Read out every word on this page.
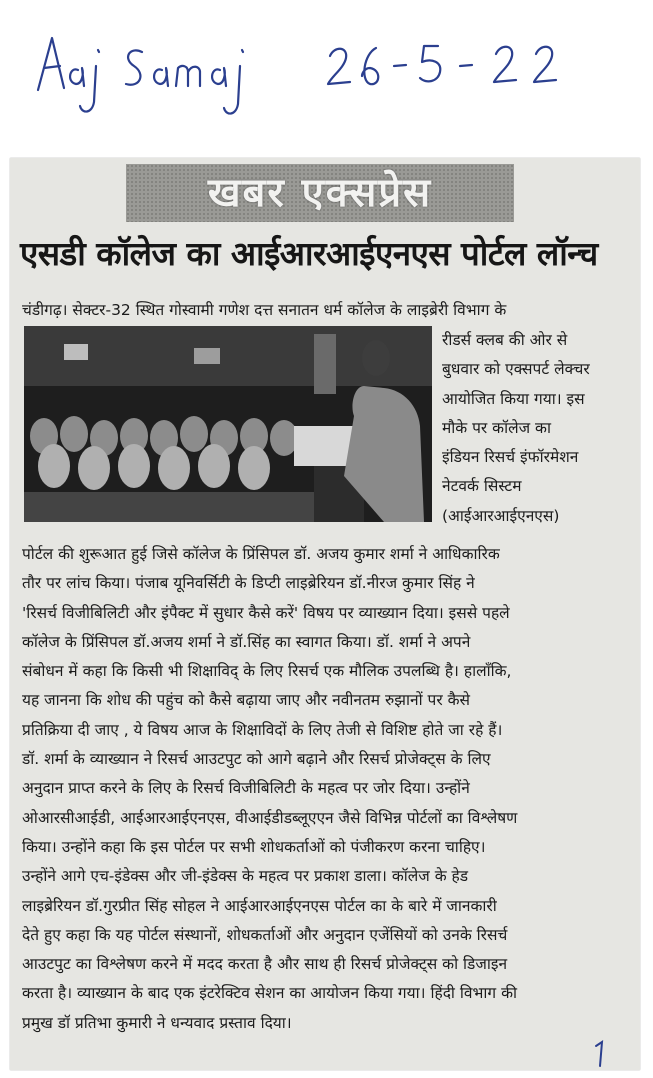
खबर एक्सप्रेस
एसडी कॉलेज का आईआरआईएनएस पोर्टल लॉन्च
चंडीगढ़। सेक्टर-32 स्थित गोस्वामी गणेश दत्त सनातन धर्म कॉलेज के लाइब्रेरी विभाग के
रीडर्स क्लब की ओर से
बुधवार को एक्सपर्ट लेक्चर
आयोजित किया गया। इस
मौके पर कॉलेज का
इंडियन रिसर्च इंफॉरमेशन
नेटवर्क सिस्टम
(आईआरआईएनएस)
पोर्टल की शुरूआत हुई जिसे कॉलेज के प्रिंसिपल डॉ. अजय कुमार शर्मा ने आधिकारिक
तौर पर लांच किया। पंजाब यूनिवर्सिटी के डिप्टी लाइब्रेरियन डॉ.नीरज कुमार सिंह ने
'रिसर्च विजीबिलिटी और इंपैक्ट में सुधार कैसे करें' विषय पर व्याख्यान दिया। इससे पहले
कॉलेज के प्रिंसिपल डॉ.अजय शर्मा ने डॉ.सिंह का स्वागत किया। डॉ. शर्मा ने अपने
संबोधन में कहा कि किसी भी शिक्षाविद् के लिए रिसर्च एक मौलिक उपलब्धि है। हालाँकि,
यह जानना कि शोध की पहुंच को कैसे बढ़ाया जाए और नवीनतम रुझानों पर कैसे
प्रतिक्रिया दी जाए , ये विषय आज के शिक्षाविदों के लिए तेजी से विशिष्ट होते जा रहे हैं।
डॉ. शर्मा के व्याख्यान ने रिसर्च आउटपुट को आगे बढ़ाने और रिसर्च प्रोजेक्ट्स के लिए
अनुदान प्राप्त करने के लिए के रिसर्च विजीबिलिटी के महत्व पर जोर दिया। उन्होंने
ओआरसीआईडी, आईआरआईएनएस, वीआईडीडब्लूएएन जैसे विभिन्न पोर्टलों का विश्लेषण
किया। उन्होंने कहा कि इस पोर्टल पर सभी शोधकर्ताओं को पंजीकरण करना चाहिए।
उन्होंने आगे एच-इंडेक्स और जी-इंडेक्स के महत्व पर प्रकाश डाला। कॉलेज के हेड
लाइब्रेरियन डॉ.गुरप्रीत सिंह सोहल ने आईआरआईएनएस पोर्टल का के बारे में जानकारी
देते हुए कहा कि यह पोर्टल संस्थानों, शोधकर्ताओं और अनुदान एजेंसियों को उनके रिसर्च
आउटपुट का विश्लेषण करने में मदद करता है और साथ ही रिसर्च प्रोजेक्ट्स को डिजाइन
करता है। व्याख्यान के बाद एक इंटरेक्टिव सेशन का आयोजन किया गया। हिंदी विभाग की
प्रमुख डॉ प्रतिभा कुमारी ने धन्यवाद प्रस्ताव दिया।
